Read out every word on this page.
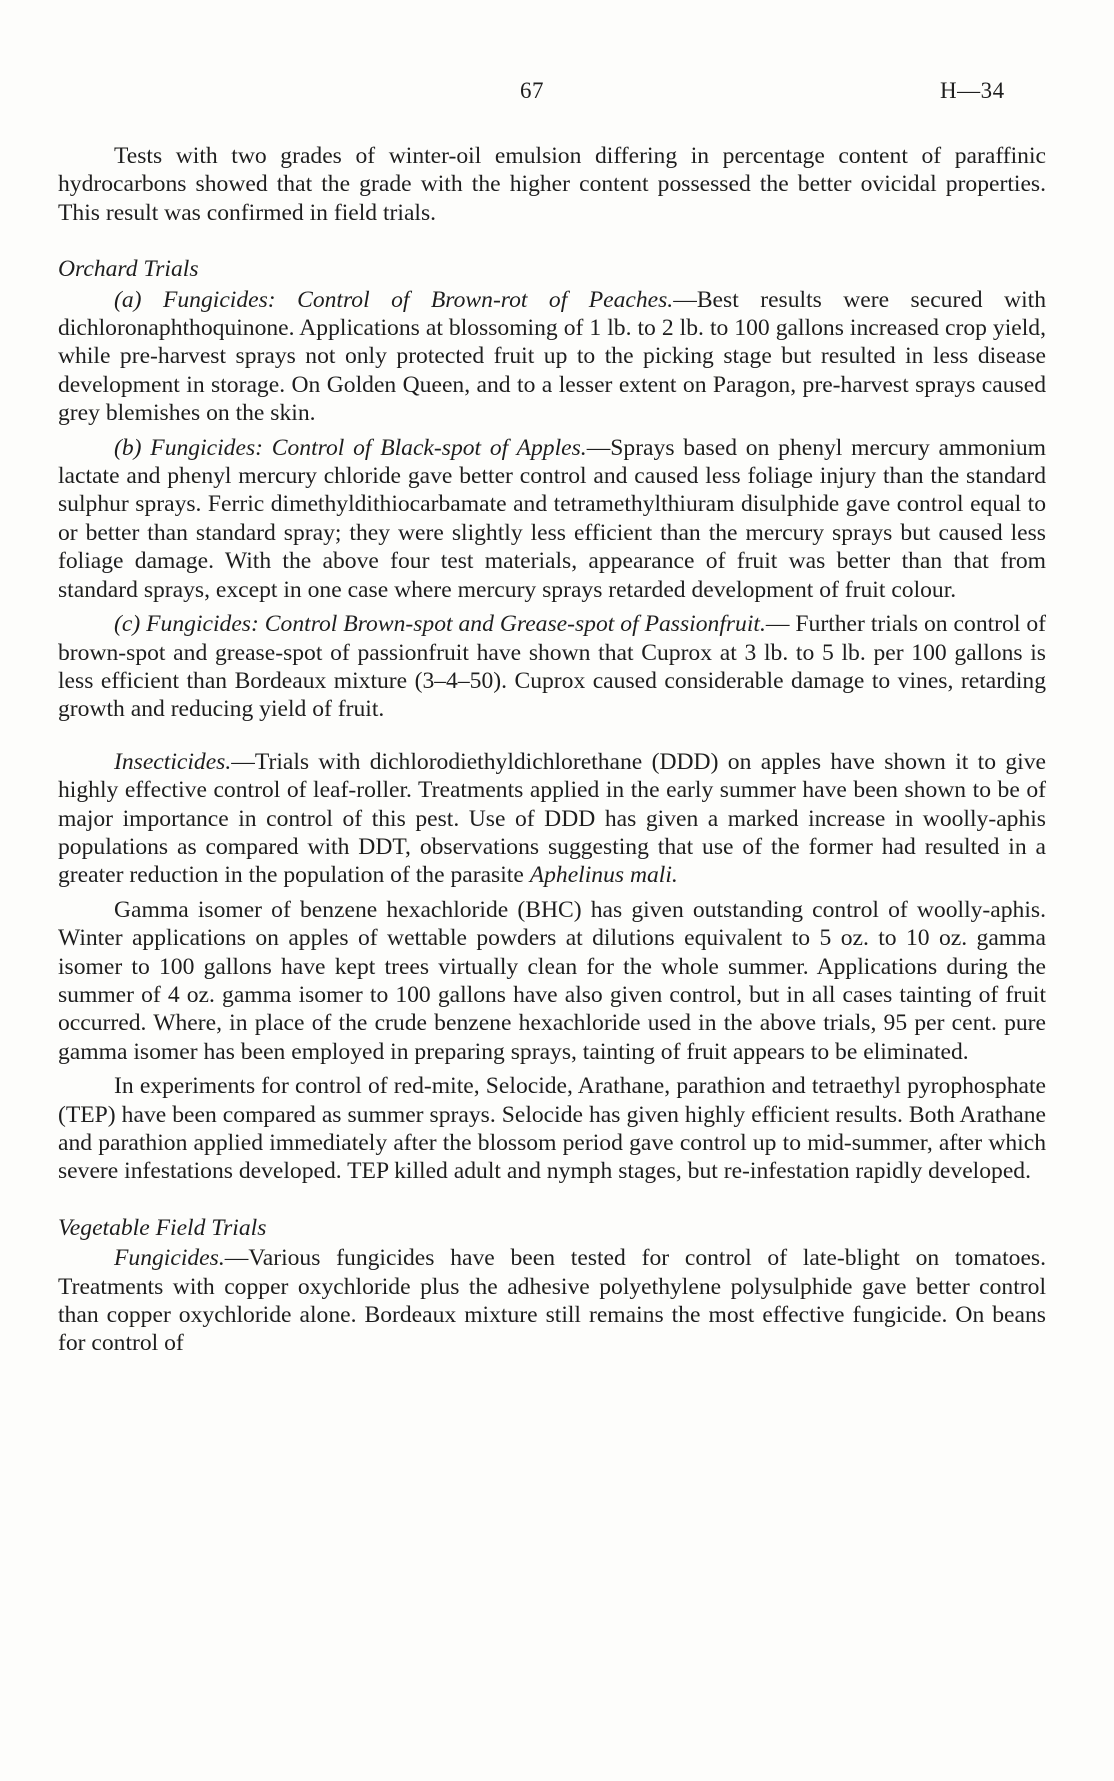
67	H—34

Tests with two grades of winter-oil emulsion differing in percentage content of paraffinic hydrocarbons showed that the grade with the higher content possessed the better ovicidal properties. This result was confirmed in field trials.

Orchard Trials

(a) Fungicides: Control of Brown-rot of Peaches.—Best results were secured with dichloronaphthoquinone. Applications at blossoming of 1 lb. to 2 lb. to 100 gallons increased crop yield, while pre-harvest sprays not only protected fruit up to the picking stage but resulted in less disease development in storage. On Golden Queen, and to a lesser extent on Paragon, pre-harvest sprays caused grey blemishes on the skin.

(b) Fungicides: Control of Black-spot of Apples.—Sprays based on phenyl mercury ammonium lactate and phenyl mercury chloride gave better control and caused less foliage injury than the standard sulphur sprays. Ferric dimethyldithiocarbamate and tetramethylthiuram disulphide gave control equal to or better than standard spray; they were slightly less efficient than the mercury sprays but caused less foliage damage. With the above four test materials, appearance of fruit was better than that from standard sprays, except in one case where mercury sprays retarded development of fruit colour.

(c) Fungicides: Control Brown-spot and Grease-spot of Passionfruit.— Further trials on control of brown-spot and grease-spot of passionfruit have shown that Cuprox at 3 lb. to 5 lb. per 100 gallons is less efficient than Bordeaux mixture (3–4–50). Cuprox caused considerable damage to vines, retarding growth and reducing yield of fruit.

Insecticides.—Trials with dichlorodiethyldichlorethane (DDD) on apples have shown it to give highly effective control of leaf-roller. Treatments applied in the early summer have been shown to be of major importance in control of this pest. Use of DDD has given a marked increase in woolly-aphis populations as compared with DDT, observations suggesting that use of the former had resulted in a greater reduction in the population of the parasite Aphelinus mali.

Gamma isomer of benzene hexachloride (BHC) has given outstanding control of woolly-aphis. Winter applications on apples of wettable powders at dilutions equivalent to 5 oz. to 10 oz. gamma isomer to 100 gallons have kept trees virtually clean for the whole summer. Applications during the summer of 4 oz. gamma isomer to 100 gallons have also given control, but in all cases tainting of fruit occurred. Where, in place of the crude benzene hexachloride used in the above trials, 95 per cent. pure gamma isomer has been employed in preparing sprays, tainting of fruit appears to be eliminated.

In experiments for control of red-mite, Selocide, Arathane, parathion and tetraethyl pyrophosphate (TEP) have been compared as summer sprays. Selocide has given highly efficient results. Both Arathane and parathion applied immediately after the blossom period gave control up to mid-summer, after which severe infestations developed. TEP killed adult and nymph stages, but re-infestation rapidly developed.

Vegetable Field Trials

Fungicides.—Various fungicides have been tested for control of late-blight on tomatoes. Treatments with copper oxychloride plus the adhesive polyethylene polysulphide gave better control than copper oxychloride alone. Bordeaux mixture still remains the most effective fungicide. On beans for control of
